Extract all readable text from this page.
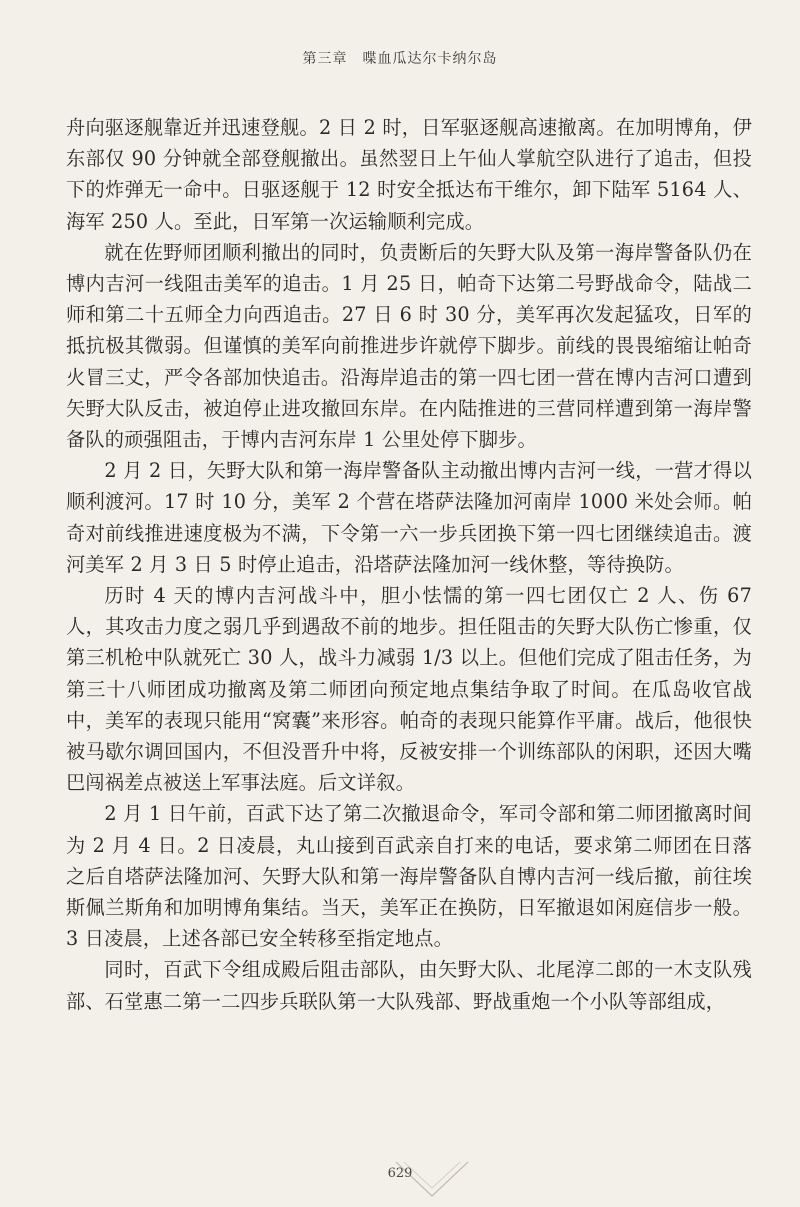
第三章　喋血瓜达尔卡纳尔岛

舟向驱逐舰靠近并迅速登舰。2 日 2 时，日军驱逐舰高速撤离。在加明博角，伊东部仅 90 分钟就全部登舰撤出。虽然翌日上午仙人掌航空队进行了追击，但投下的炸弹无一命中。日驱逐舰于 12 时安全抵达布干维尔，卸下陆军 5164 人、海军 250 人。至此，日军第一次运输顺利完成。

就在佐野师团顺利撤出的同时，负责断后的矢野大队及第一海岸警备队仍在博内吉河一线阻击美军的追击。1 月 25 日，帕奇下达第二号野战命令，陆战二师和第二十五师全力向西追击。27 日 6 时 30 分，美军再次发起猛攻，日军的抵抗极其微弱。但谨慎的美军向前推进步许就停下脚步。前线的畏畏缩缩让帕奇火冒三丈，严令各部加快追击。沿海岸追击的第一四七团一营在博内吉河口遭到矢野大队反击，被迫停止进攻撤回东岸。在内陆推进的三营同样遭到第一海岸警备队的顽强阻击，于博内吉河东岸 1 公里处停下脚步。

2 月 2 日，矢野大队和第一海岸警备队主动撤出博内吉河一线，一营才得以顺利渡河。17 时 10 分，美军 2 个营在塔萨法隆加河南岸 1000 米处会师。帕奇对前线推进速度极为不满，下令第一六一步兵团换下第一四七团继续追击。渡河美军 2 月 3 日 5 时停止追击，沿塔萨法隆加河一线休整，等待换防。

历时 4 天的博内吉河战斗中，胆小怯懦的第一四七团仅亡 2 人、伤 67 人，其攻击力度之弱几乎到遇敌不前的地步。担任阻击的矢野大队伤亡惨重，仅第三机枪中队就死亡 30 人，战斗力减弱 1/3 以上。但他们完成了阻击任务，为第三十八师团成功撤离及第二师团向预定地点集结争取了时间。在瓜岛收官战中，美军的表现只能用“窝囊”来形容。帕奇的表现只能算作平庸。战后，他很快被马歇尔调回国内，不但没晋升中将，反被安排一个训练部队的闲职，还因大嘴巴闯祸差点被送上军事法庭。后文详叙。

2 月 1 日午前，百武下达了第二次撤退命令，军司令部和第二师团撤离时间为 2 月 4 日。2 日凌晨，丸山接到百武亲自打来的电话，要求第二师团在日落之后自塔萨法隆加河、矢野大队和第一海岸警备队自博内吉河一线后撤，前往埃斯佩兰斯角和加明博角集结。当天，美军正在换防，日军撤退如闲庭信步一般。3 日凌晨，上述各部已安全转移至指定地点。

同时，百武下令组成殿后阻击部队，由矢野大队、北尾淳二郎的一木支队残部、石堂惠二第一二四步兵联队第一大队残部、野战重炮一个小队等部组成，

629
